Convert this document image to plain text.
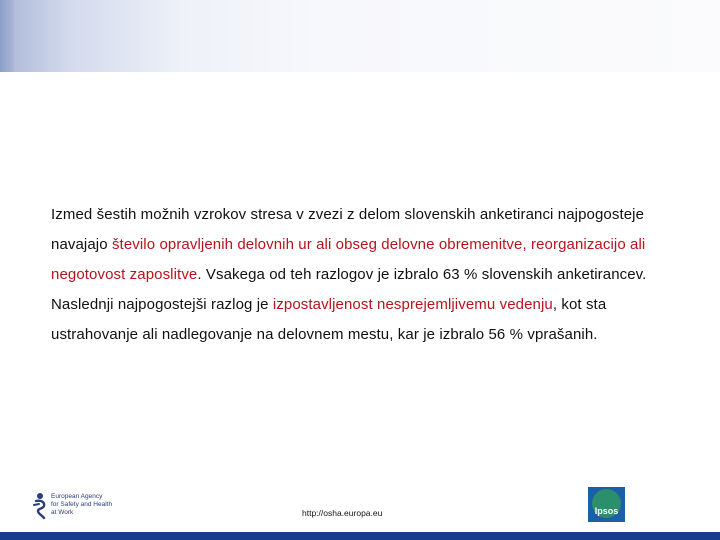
Izmed šestih možnih vzrokov stresa v zvezi z delom slovenskih anketiranci najpogosteje navajajo število opravljenih delovnih ur ali obseg delovne obremenitve, reorganizacijo ali negotovost zaposlitve. Vsakega od teh razlogov je izbralo 63 % slovenskih anketirancev. Naslednji najpogostejši razlog je izpostavljenost nesprejemljivemu vedenju, kot sta ustrahovanje ali nadlegovanje na delovnem mestu, kar je izbralo 56 % vprašanih.
European Agency
for Safety and Health
at Work	http://osha.europa.eu	Ipsos
